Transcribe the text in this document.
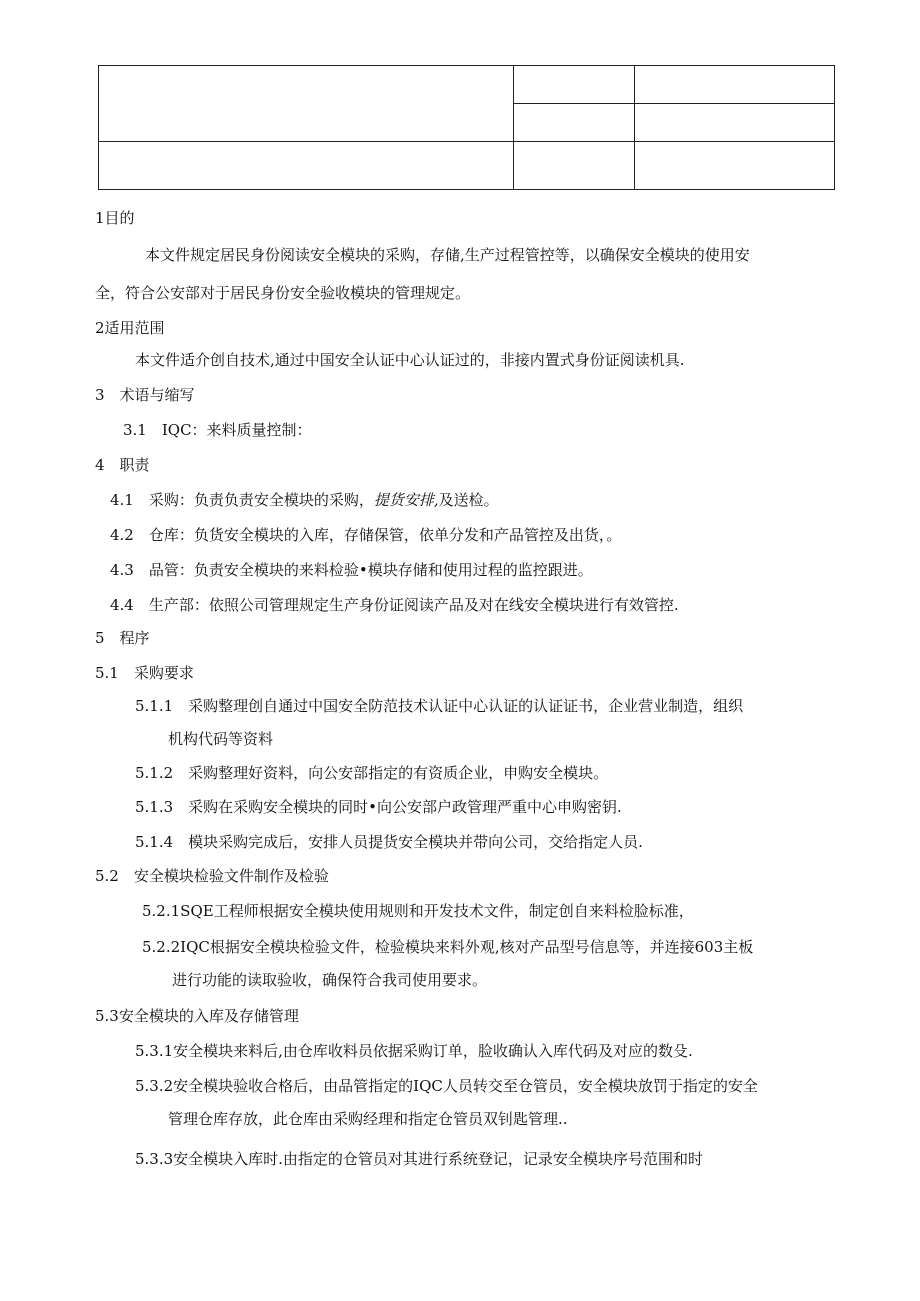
1目的
本文件规定居民身份阅读安全模块的采购，存储,生产过程管控等，以确保安全模块的使用安
全，符合公安部对于居民身份安全验收模块的管理规定。
2适用范围
本文件适介创自技术,通过中国安全认证中心认证过的，非接内置式身份证阅读机具.
3　术语与缩写
3.1　IQC：来料质量控制：
4　职责
4.1　采购：负责负责安全模块的采购，提货安排,及送检。
4.2　仓库：负货安全模块的入库，存储保管，依单分发和产品管控及出货，。
4.3　品管：负责安全模块的来料检验•模块存储和使用过程的监控跟进。
4.4　生产部：依照公司管理规定生产身份证阅读产品及对在线安全模块进行有效管控.
5　程序
5.1　采购要求
5.1.1　采购整理创自通过中国安全防范技术认证中心认证的认证证书，企业营业制造，组织
机构代码等资料
5.1.2　采购整理好资料，向公安部指定的有资质企业，申购安全模块。
5.1.3　采购在采购安全模块的同时•向公安部户政管理严重中心申购密钥.
5.1.4　模块采购完成后，安排人员提货安全模块并带向公司，交给指定人员.
5.2　安全模块检验文件制作及检验
5.2.1SQE工程师根据安全模块使用规则和开发技术文件，制定创自来料检脸标准，
5.2.2IQC根据安全模块检验文件，检验模块来料外观,核对产品型号信息等，并连接603主板
进行功能的读取验收，确保符合我司使用要求。
5.3安全模块的入库及存储管理
5.3.1安全模块来料后,由仓库收料员依据采购订单，脸收确认入库代码及对应的数殳.
5.3.2安全模块验收合格后，由品管指定的IQC人员转交至仓管员，安全模块放罚于指定的安全
管理仓库存放，此仓库由采购经理和指定仓管员双钊匙管理..
5.3.3安全模块入库时.由指定的仓管员对其进行系统登记，记录安全模块序号范围和时
